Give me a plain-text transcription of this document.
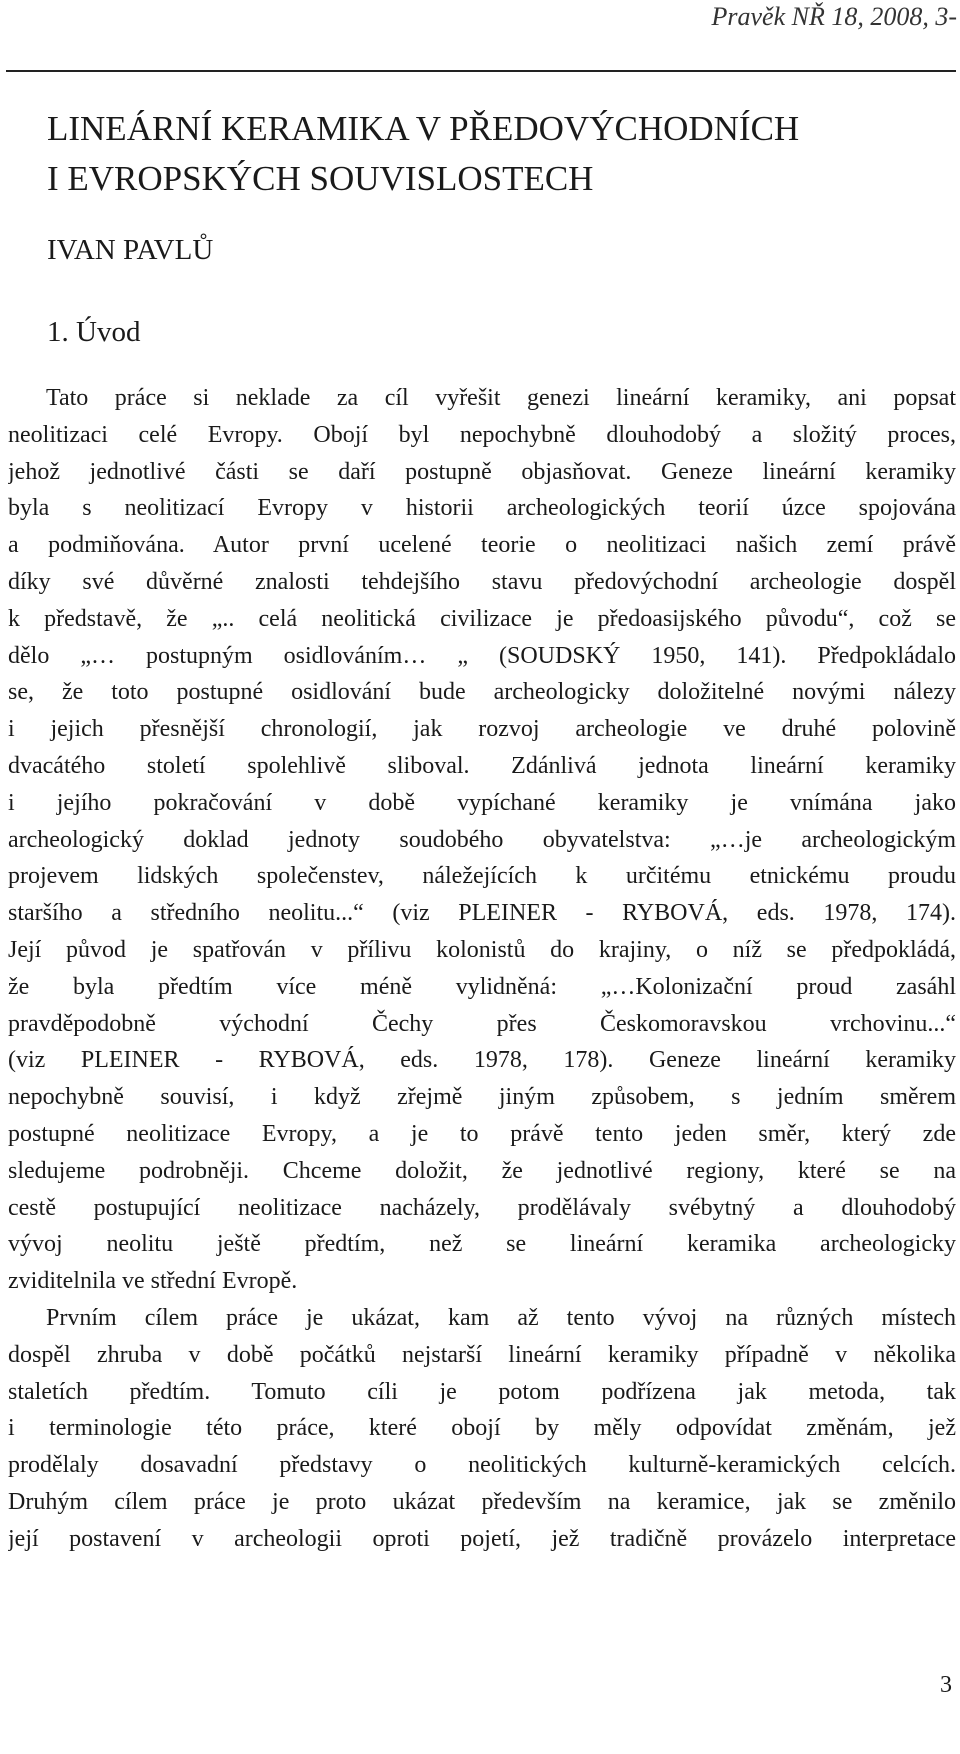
Pravěk NŘ 18, 2008, 3-
LINEÁRNÍ KERAMIKA V PŘEDOVÝCHODNÍCH
I EVROPSKÝCH SOUVISLOSTECH
IVAN PAVLŮ
1. Úvod

Tato práce si neklade za cíl vyřešit genezi lineární keramiky, ani popsat
neolitizaci celé Evropy. Obojí byl nepochybně dlouhodobý a složitý proces,
jehož jednotlivé části se daří postupně objasňovat. Geneze lineární keramiky
byla s neolitizací Evropy v historii archeologických teorií úzce spojována
a podmiňována. Autor první ucelené teorie o neolitizaci našich zemí právě
díky své důvěrné znalosti tehdejšího stavu předovýchodní archeologie dospěl
k představě, že „.. celá neolitická civilizace je předoasijského původu“, což se
dělo „… postupným osidlováním… „ (SOUDSKÝ 1950, 141). Předpokládalo
se, že toto postupné osidlování bude archeologicky doložitelné novými nálezy
i jejich přesnější chronologií, jak rozvoj archeologie ve druhé polovině
dvacátého století spolehlivě sliboval. Zdánlivá jednota lineární keramiky
i jejího pokračování v době vypíchané keramiky je vnímána jako
archeologický doklad jednoty soudobého obyvatelstva: „…je archeologickým
projevem lidských společenstev, náležejících k určitému etnickému proudu
staršího a středního neolitu...“ (viz PLEINER - RYBOVÁ, eds. 1978, 174).
Její původ je spatřován v přílivu kolonistů do krajiny, o níž se předpokládá,
že byla předtím více méně vylidněná: „…Kolonizační proud zasáhl
pravděpodobně východní Čechy přes Českomoravskou vrchovinu...“
(viz PLEINER - RYBOVÁ, eds. 1978, 178). Geneze lineární keramiky
nepochybně souvisí, i když zřejmě jiným způsobem, s jedním směrem
postupné neolitizace Evropy, a je to právě tento jeden směr, který zde
sledujeme podrobněji. Chceme doložit, že jednotlivé regiony, které se na
cestě postupující neolitizace nacházely, prodělávaly svébytný a dlouhodobý
vývoj neolitu ještě předtím, než se lineární keramika archeologicky
zviditelnila ve střední Evropě.

Prvním cílem práce je ukázat, kam až tento vývoj na různých místech
dospěl zhruba v době počátků nejstarší lineární keramiky případně v několika
staletích předtím. Tomuto cíli je potom podřízena jak metoda, tak
i terminologie této práce, které obojí by měly odpovídat změnám, jež
prodělaly dosavadní představy o neolitických kulturně-keramických celcích.
Druhým cílem práce je proto ukázat především na keramice, jak se změnilo
její postavení v archeologii oproti pojetí, jež tradičně provázelo interpretace

3
